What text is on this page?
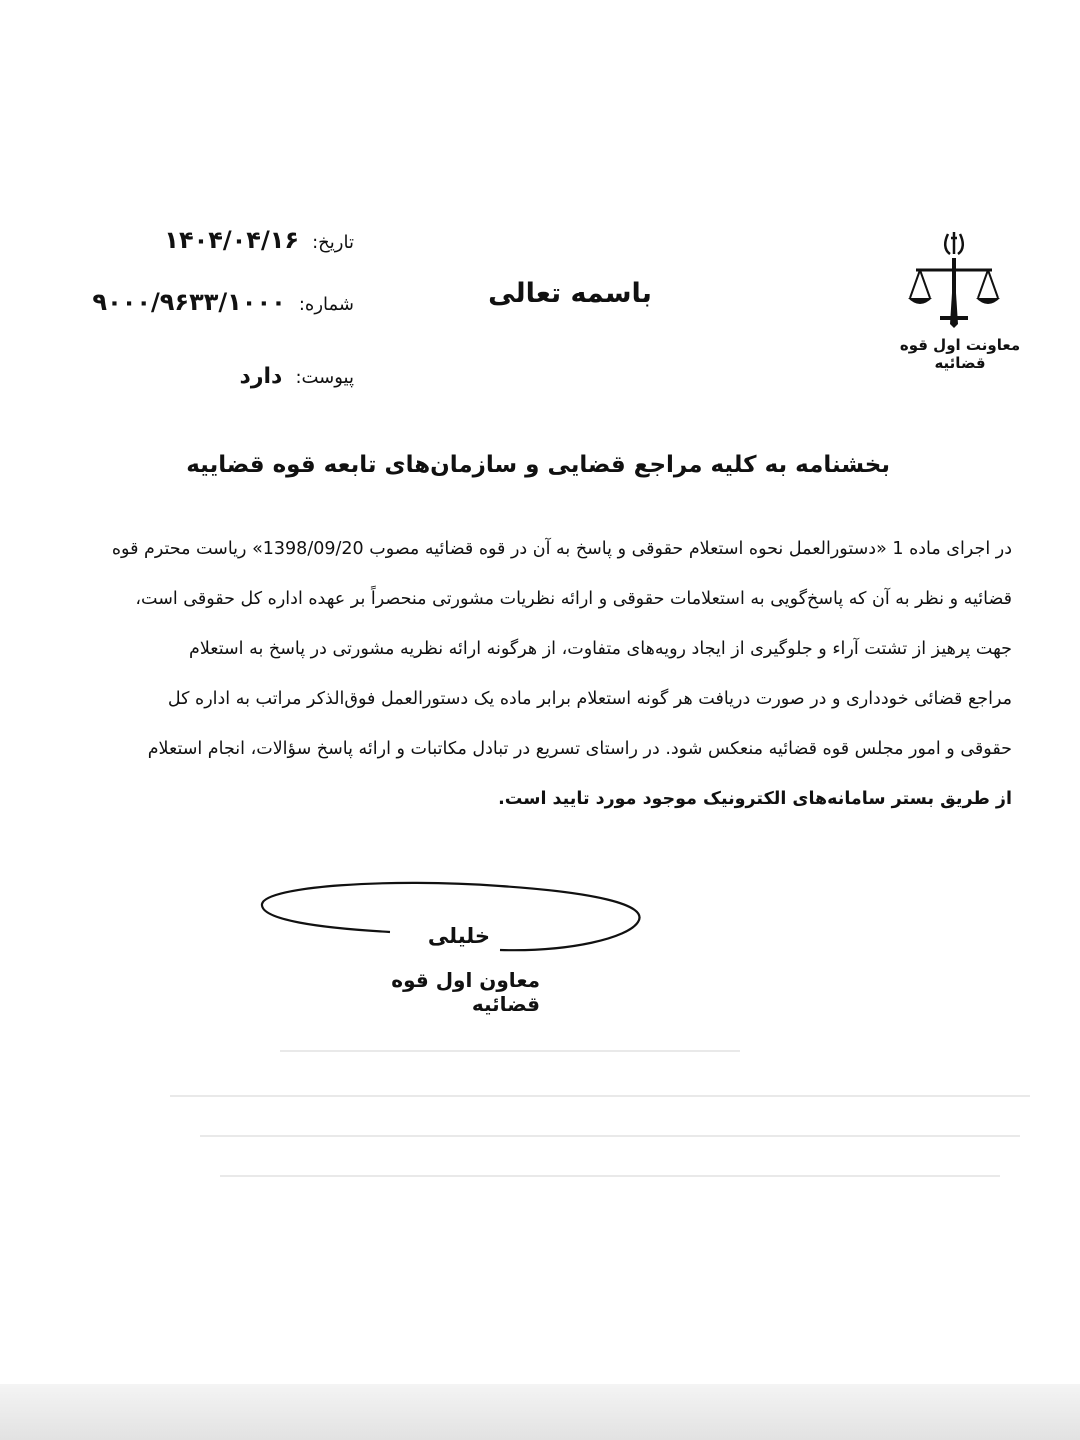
معاونت اول قوه قضائیه
باسمه تعالی
تاریخ: ۱۴۰۴/۰۴/۱۶
شماره: ۹۰۰۰/۹۶۳۳/۱۰۰۰
پیوست: دارد
بخشنامه به کلیه مراجع قضایی و سازمان‌های تابعه قوه قضاییه
در اجرای ماده 1 «دستورالعمل نحوه استعلام حقوقی و پاسخ به آن در قوه قضائیه مصوب 1398/09/20» ریاست محترم قوه
قضائیه و نظر به آن که پاسخ‌گویی به استعلامات حقوقی و ارائه نظریات مشورتی منحصراً بر عهده اداره کل حقوقی است،
جهت پرهیز از تشتت آراء و جلوگیری از ایجاد رویه‌های متفاوت، از هرگونه ارائه نظریه مشورتی در پاسخ به استعلام
مراجع قضائی خودداری و در صورت دریافت هر گونه استعلام برابر ماده یک دستورالعمل فوق‌الذکر مراتب به اداره کل
حقوقی و امور مجلس قوه قضائیه منعکس شود. در راستای تسریع در تبادل مکاتبات و ارائه پاسخ سؤالات، انجام استعلام
از طریق بستر سامانه‌های الکترونیک موجود مورد تایید است.
خلیلی
معاون اول قوه قضائیه
